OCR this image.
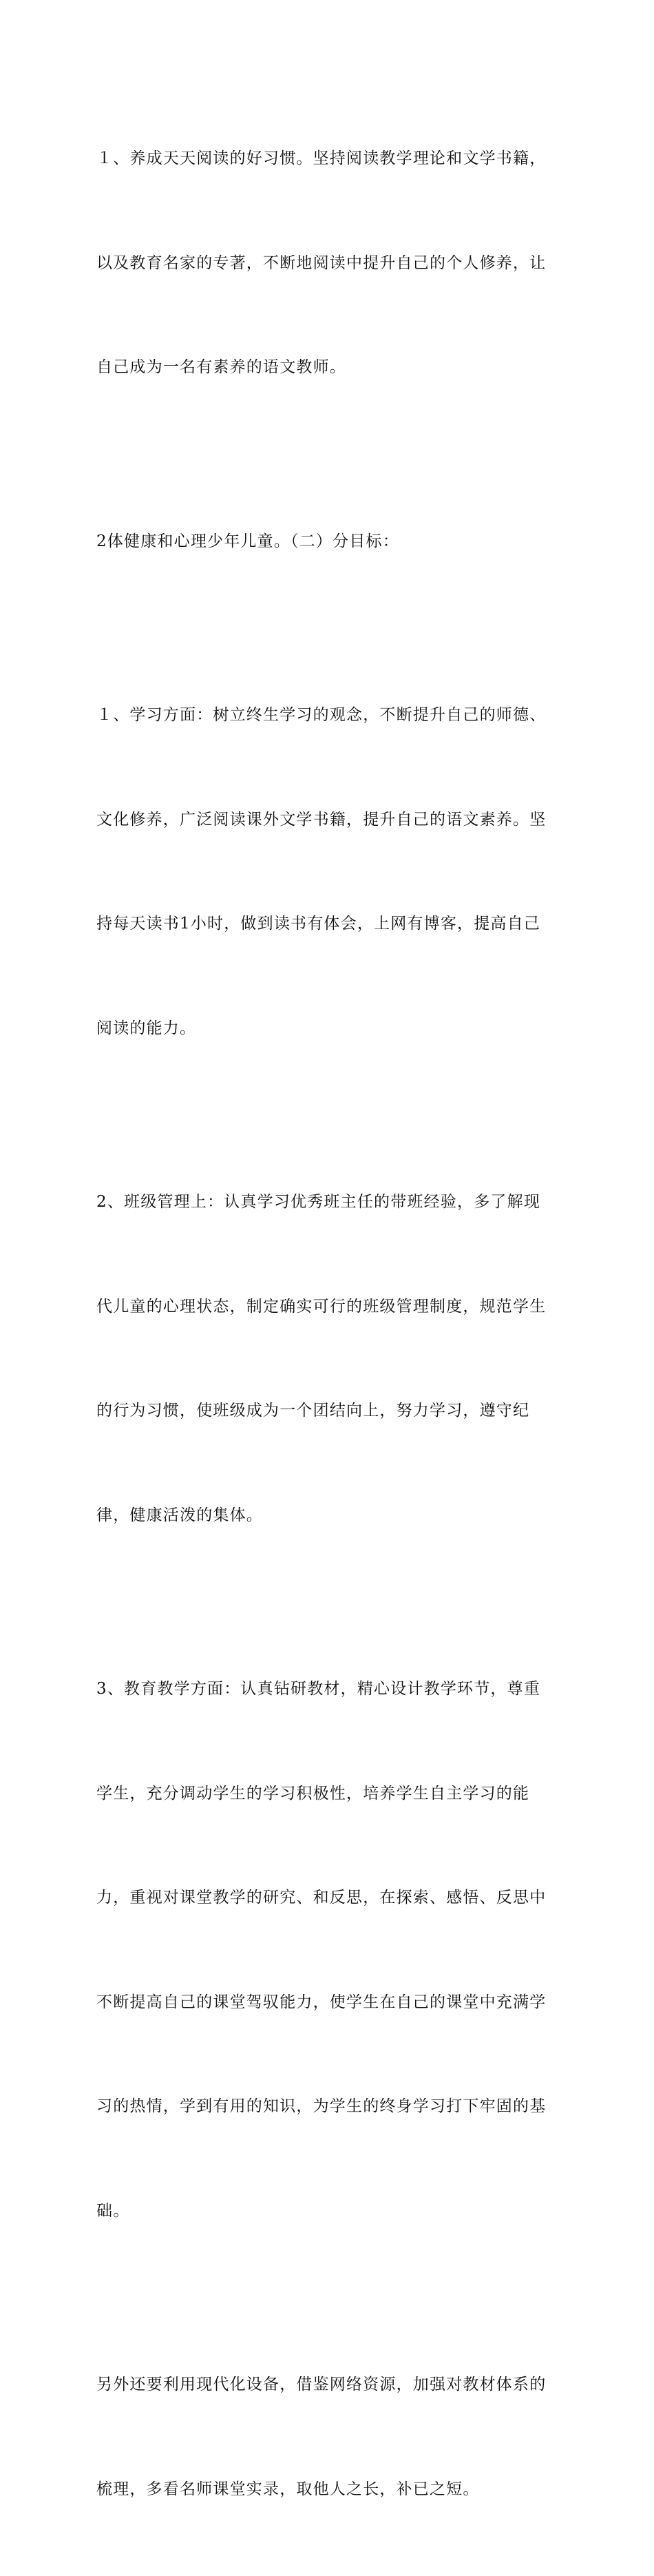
１、养成天天阅读的好习惯。坚持阅读教学理论和文学书籍，

以及教育名家的专著，不断地阅读中提升自己的个人修养，让

自己成为一名有素养的语文教师。

2体健康和心理少年儿童。（二）分目标：

１、学习方面：树立终生学习的观念，不断提升自己的师德、

文化修养，广泛阅读课外文学书籍，提升自己的语文素养。坚

持每天读书1小时，做到读书有体会，上网有博客，提高自己

阅读的能力。

2、班级管理上：认真学习优秀班主任的带班经验，多了解现

代儿童的心理状态，制定确实可行的班级管理制度，规范学生

的行为习惯，使班级成为一个团结向上，努力学习，遵守纪

律，健康活泼的集体。

3、教育教学方面：认真钻研教材，精心设计教学环节，尊重

学生，充分调动学生的学习积极性，培养学生自主学习的能

力，重视对课堂教学的研究、和反思，在探索、感悟、反思中

不断提高自己的课堂驾驭能力，使学生在自己的课堂中充满学

习的热情，学到有用的知识，为学生的终身学习打下牢固的基

础。

另外还要利用现代化设备，借鉴网络资源，加强对教材体系的

梳理，多看名师课堂实录，取他人之长，补已之短。
